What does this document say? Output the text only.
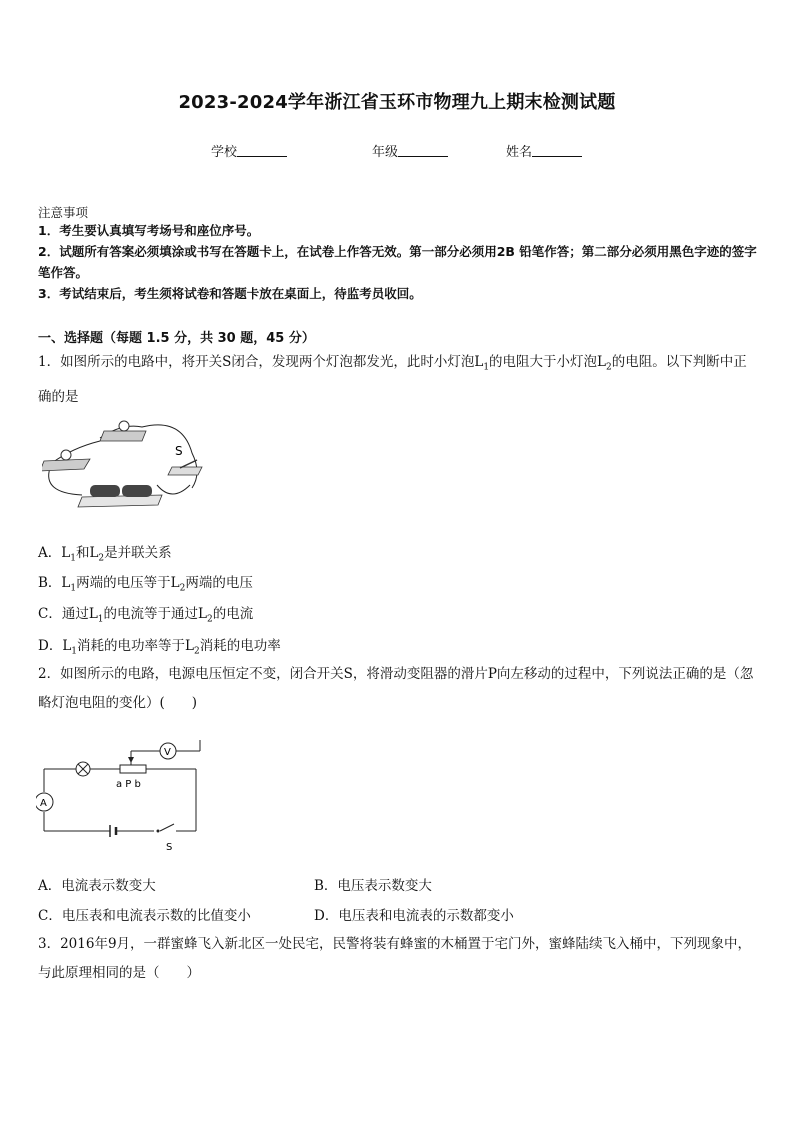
2023-2024学年浙江省玉环市物理九上期末检测试题
学校	年级	姓名
注意事项
1．考生要认真填写考场号和座位序号。
2．试题所有答案必须填涂或书写在答题卡上，在试卷上作答无效。第一部分必须用2B 铅笔作答；第二部分必须用黑色字迹的签字笔作答。
3．考试结束后，考生须将试卷和答题卡放在桌面上，待监考员收回。
一、选择题（每题 1.5 分，共 30 题，45 分）
1．如图所示的电路中，将开关S闭合，发现两个灯泡都发光，此时小灯泡$L_1$的电阻大于小灯泡$L_2$的电阻。以下判断中正确的是
S
A．$L_1$和$L_2$是并联关系
B．$L_1$两端的电压等于$L_2$两端的电压
C．通过$L_1$的电流等于通过$L_2$的电流
D．$L_1$消耗的电功率等于$L_2$消耗的电功率
2．如图所示的电路，电源电压恒定不变，闭合开关S，将滑动变阻器的滑片P向左移动的过程中，下列说法正确的是（忽略灯泡电阻的变化）(　　)
V
A
a P b
S
A．电流表示数变大	B．电压表示数变大
C．电压表和电流表示数的比值变小	D．电压表和电流表的示数都变小
3．2016年9月，一群蜜蜂飞入新北区一处民宅，民警将装有蜂蜜的木桶置于宅门外，蜜蜂陆续飞入桶中，下列现象中，与此原理相同的是（　　）
